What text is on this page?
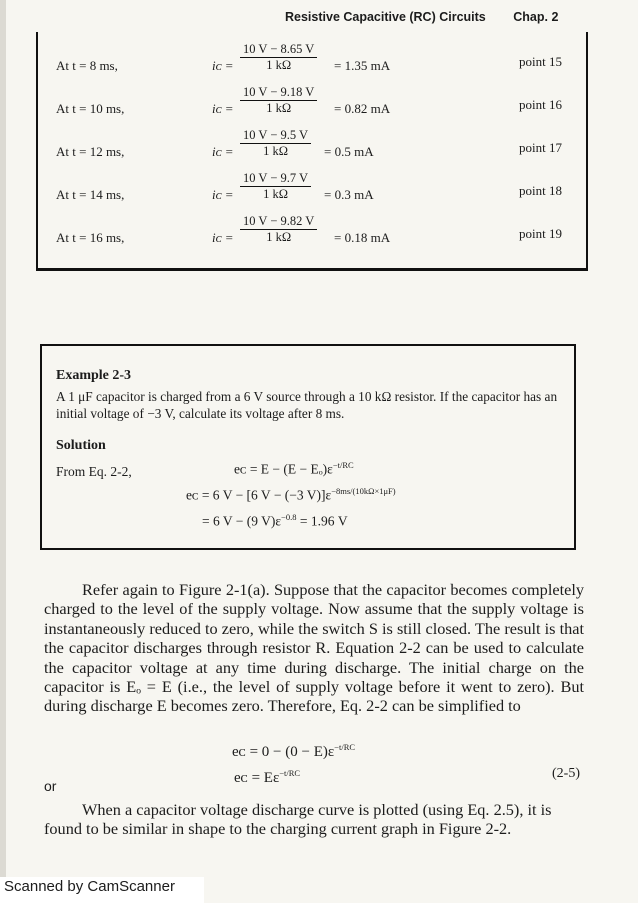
Resistive Capacitive (RC) Circuits Chap. 2
At t = 8 ms,	iᴄ = $\frac{10 V - 8.65 V}{1 k\Omega} = 1.35$ mA	point 15
At t = 10 ms,	iᴄ = $\frac{10 V - 9.18 V}{1 k\Omega} = 0.82$ mA	point 16
At t = 12 ms,	iᴄ = $\frac{10 V - 9.5 V}{1 k\Omega} = 0.5$ mA	point 17
At t = 14 ms,	iᴄ = $\frac{10 V - 9.7 V}{1 k\Omega} = 0.3$ mA	point 18
At t = 16 ms,	iᴄ = $\frac{10 V - 9.82 V}{1 k\Omega} = 0.18$ mA	point 19
Example 2-3
A 1 μF capacitor is charged from a 6 V source through a 10 kΩ resistor. If the capacitor has an initial voltage of −3 V, calculate its voltage after 8 ms.
Solution
From Eq. 2-2,	eᴄ = $E - (E - E_o)\varepsilon^{-t/RC}$
eᴄ = 6 V − [6 V − (−3 $V)]\varepsilon^{-8ms/(10k\Omega\times 1\mu F)}$
= 6 V − (9 $V)\varepsilon^{-0.8} = 1.96$ V
Refer again to Figure 2-1(a). Suppose that the capacitor becomes completely charged to the level of the supply voltage. Now assume that the supply voltage is instantaneously reduced to zero, while the switch S is still closed. The result is that the capacitor discharges through resistor R. Equation 2-2 can be used to calculate the capacitor voltage at any time during discharge. The initial charge on the capacitor is Eₒ = E (i.e., the level of supply voltage before it went to zero). But during discharge E becomes zero. Therefore, Eq. 2-2 can be simplified to
eᴄ = $0 - (0 - E)\varepsilon^{-t/RC}$
or	eᴄ = $E\varepsilon^{-t/RC}$	(2-5)
When a capacitor voltage discharge curve is plotted (using Eq. 2.5), it is found to be similar in shape to the charging current graph in Figure 2-2.
Scanned by CamScanner
